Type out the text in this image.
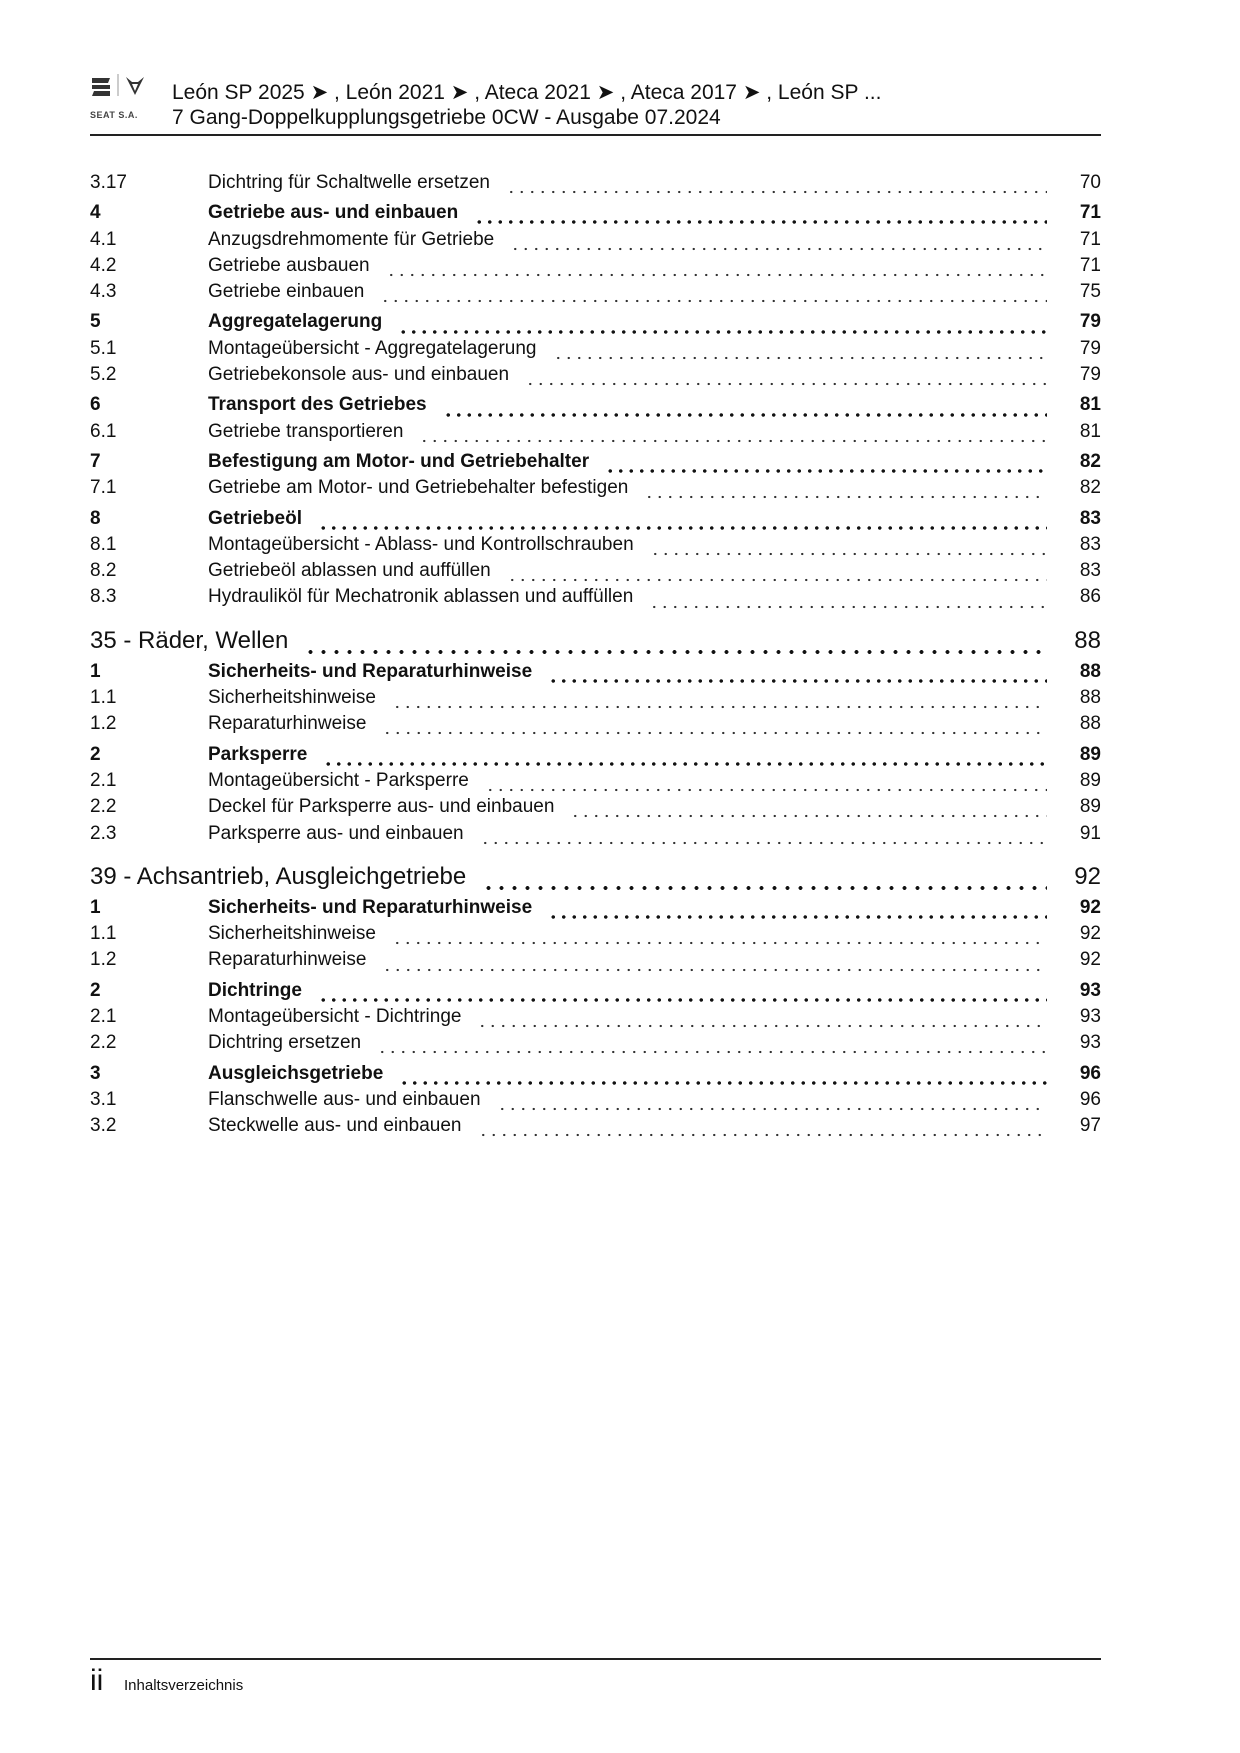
SEAT S.A.
León SP 2025 ➤ , León 2021 ➤ , Ateca 2021 ➤ , Ateca 2017 ➤ , León SP ...
7 Gang-Doppelkupplungsgetriebe 0CW - Ausgabe 07.2024
3.17	Dichtring für Schaltwelle ersetzen	70
4	Getriebe aus- und einbauen	71
4.1	Anzugsdrehmomente für Getriebe	71
4.2	Getriebe ausbauen	71
4.3	Getriebe einbauen	75
5	Aggregatelagerung	79
5.1	Montageübersicht - Aggregatelagerung	79
5.2	Getriebekonsole aus- und einbauen	79
6	Transport des Getriebes	81
6.1	Getriebe transportieren	81
7	Befestigung am Motor- und Getriebehalter	82
7.1	Getriebe am Motor- und Getriebehalter befestigen	82
8	Getriebeöl	83
8.1	Montageübersicht - Ablass- und Kontrollschrauben	83
8.2	Getriebeöl ablassen und auffüllen	83
8.3	Hydrauliköl für Mechatronik ablassen und auffüllen	86
35 - Räder, Wellen	88
1	Sicherheits- und Reparaturhinweise	88
1.1	Sicherheitshinweise	88
1.2	Reparaturhinweise	88
2	Parksperre	89
2.1	Montageübersicht - Parksperre	89
2.2	Deckel für Parksperre aus- und einbauen	89
2.3	Parksperre aus- und einbauen	91
39 - Achsantrieb, Ausgleichgetriebe	92
1	Sicherheits- und Reparaturhinweise	92
1.1	Sicherheitshinweise	92
1.2	Reparaturhinweise	92
2	Dichtringe	93
2.1	Montageübersicht - Dichtringe	93
2.2	Dichtring ersetzen	93
3	Ausgleichsgetriebe	96
3.1	Flanschwelle aus- und einbauen	96
3.2	Steckwelle aus- und einbauen	97
ii Inhaltsverzeichnis
